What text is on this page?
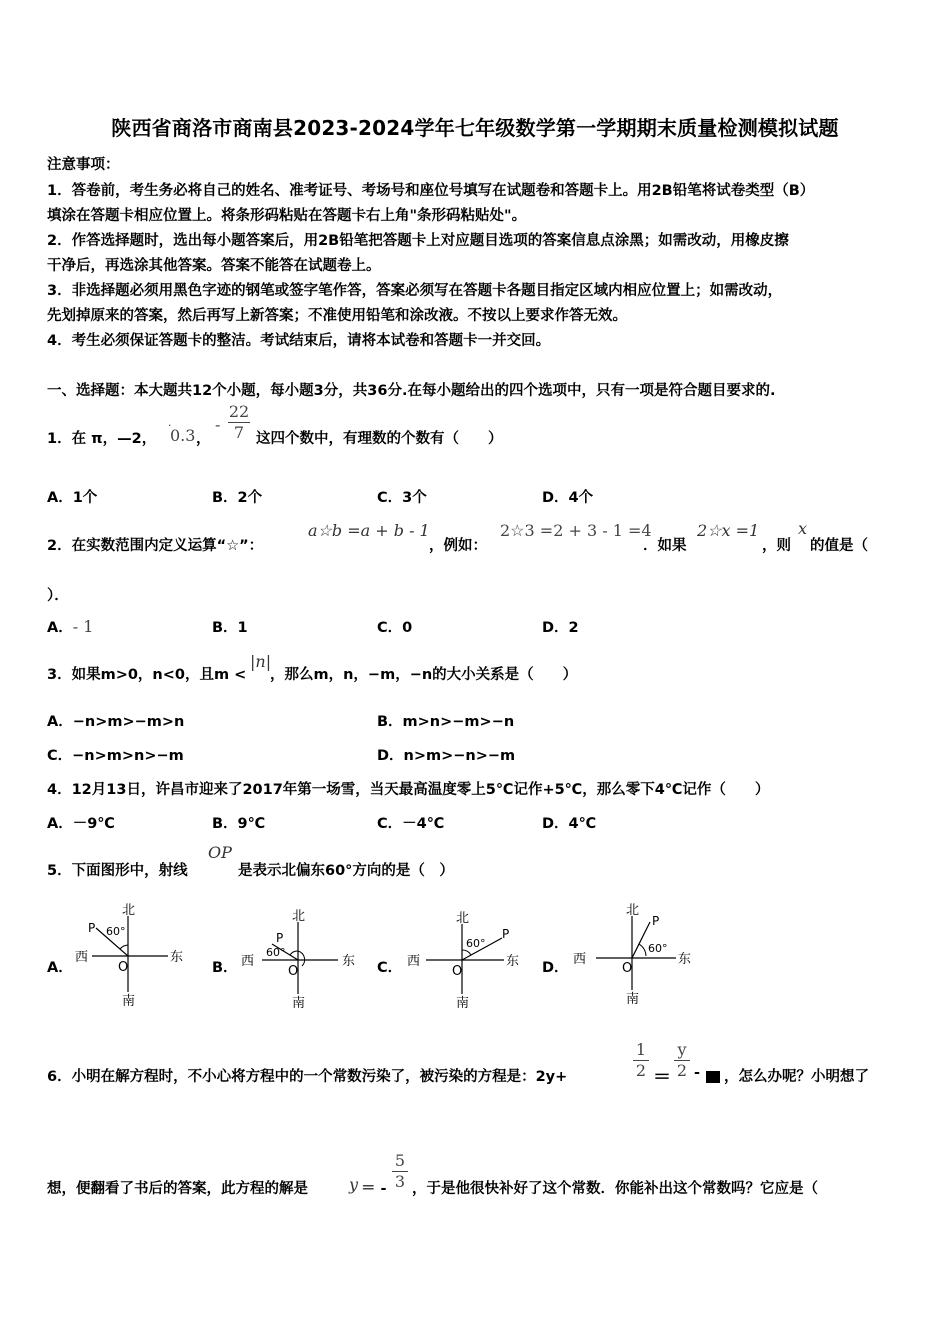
陕西省商洛市商南县2023-2024学年七年级数学第一学期期末质量检测模拟试题
注意事项：
1．答卷前，考生务必将自己的姓名、准考证号、考场号和座位号填写在试题卷和答题卡上。用2B铅笔将试卷类型（B）
填涂在答题卡相应位置上。将条形码粘贴在答题卡右上角"条形码粘贴处"。
2．作答选择题时，选出每小题答案后，用2B铅笔把答题卡上对应题目选项的答案信息点涂黑；如需改动，用橡皮擦
干净后，再选涂其他答案。答案不能答在试题卷上。
3．非选择题必须用黑色字迹的钢笔或签字笔作答，答案必须写在答题卡各题目指定区域内相应位置上；如需改动，
先划掉原来的答案，然后再写上新答案；不准使用铅笔和涂改液。不按以上要求作答无效。
4．考生必须保证答题卡的整洁。考试结束后，请将本试卷和答题卡一并交回。
一、选择题：本大题共12个小题，每小题3分，共36分.在每小题给出的四个选项中，只有一项是符合题目要求的.
1．在 π，—2， 0.3
·
，
-
22
7 这四个数中，有理数的个数有（　　）
A．1个	B．2个	C．3个	D．4个
2．在实数范围内定义运算“☆”：
a☆b =a + b - 1
，例如：
2☆3 =2 + 3 - 1 =4
．如果
2☆x =1
，则
x
的值是（
）．
A．- 1	B．1	C．0	D．2
3．如果m>0，n<0，且m <
|n|
，那么m，n，−m，−n的大小关系是（　　）
A．−n>m>−m>n	B．m>n>−m>−n
C．−n>m>n>−m	D．n>m>−n>−m
4．12月13日，许昌市迎来了2017年第一场雪，当天最高温度零上5℃记作+5℃，那么零下4℃记作（　　）
A．－9℃	B．9℃	C．－4℃	D．4℃
5．下面图形中，射线
OP
是表示北偏东60°方向的是（　）
A．	B．	C．	D．
北
南
西	东
O
P 60°
北
南
西	东
O
P
60°
北
南
西	东
O
P
60°
北
南
西	东
O
P
60°
6．小明在解方程时，不小心将方程中的一个常数污染了，被污染的方程是：2y+
1
2 ＝
y
2 - ，怎么办呢？小明想了
想，便翻看了书后的答案，此方程的解是	y ＝ -
5
3 ，于是他很快补好了这个常数．你能补出这个常数吗？它应是（
